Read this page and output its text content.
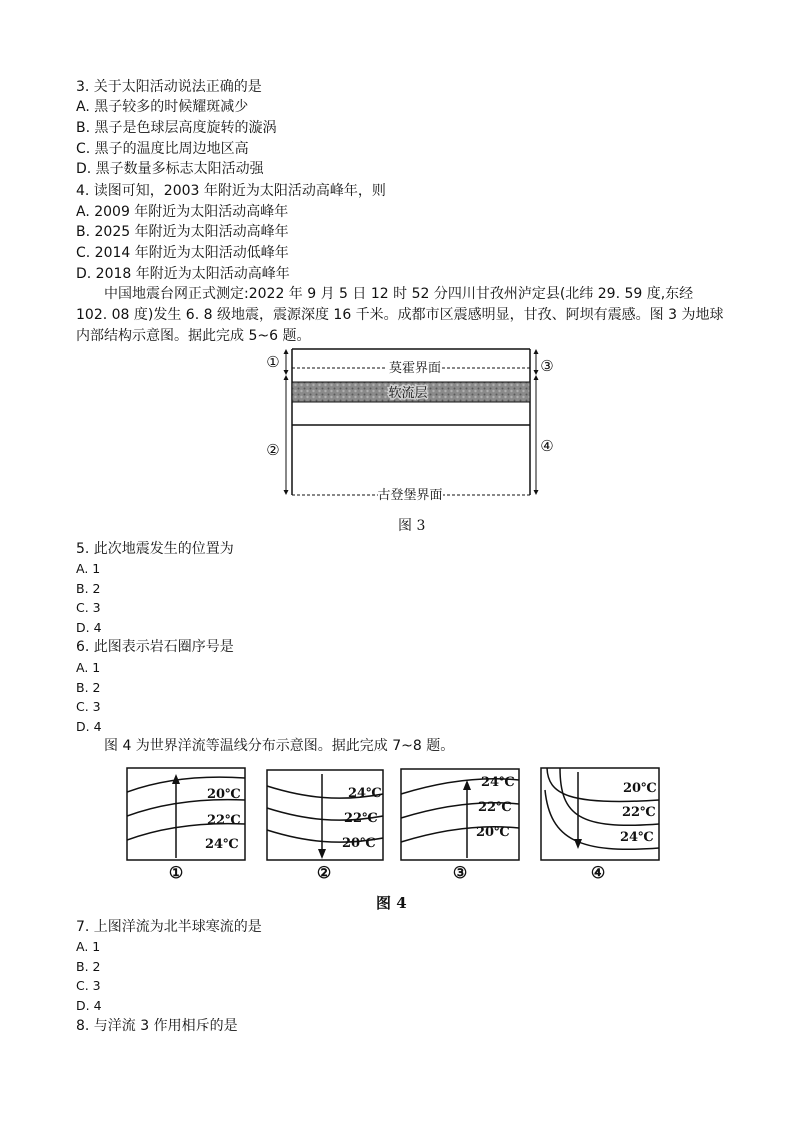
3. 关于太阳活动说法正确的是
A. 黑子较多的时候耀斑减少
B. 黑子是色球层高度旋转的漩涡
C. 黑子的温度比周边地区高
D. 黑子数量多标志太阳活动强
4. 读图可知，2003 年附近为太阳活动高峰年，则
A. 2009 年附近为太阳活动高峰年
B. 2025 年附近为太阳活动高峰年
C. 2014 年附近为太阳活动低峰年
D. 2018 年附近为太阳活动高峰年
中国地震台网正式测定:2022 年 9 月 5 日 12 时 52 分四川甘孜州泸定县(北纬 29. 59 度,东经 102. 08 度)发生 6. 8 级地震，震源深度 16 千米。成都市区震感明显，甘孜、阿坝有震感。图 3 为地球内部结构示意图。据此完成 5~6 题。
莫霍界面
软流层
古登堡界面
①
②
③
④
图 3
5. 此次地震发生的位置为
A. 1
B. 2
C. 3
D. 4
6. 此图表示岩石圈序号是
A. 1
B. 2
C. 3
D. 4
图 4 为世界洋流等温线分布示意图。据此完成 7~8 题。
20℃
22℃
24℃
①
24℃
22℃
20℃
②
24℃
22℃
20℃
③
20℃
22℃
24℃
④
图 4
7. 上图洋流为北半球寒流的是
A. 1
B. 2
C. 3
D. 4
8. 与洋流 3 作用相斥的是
